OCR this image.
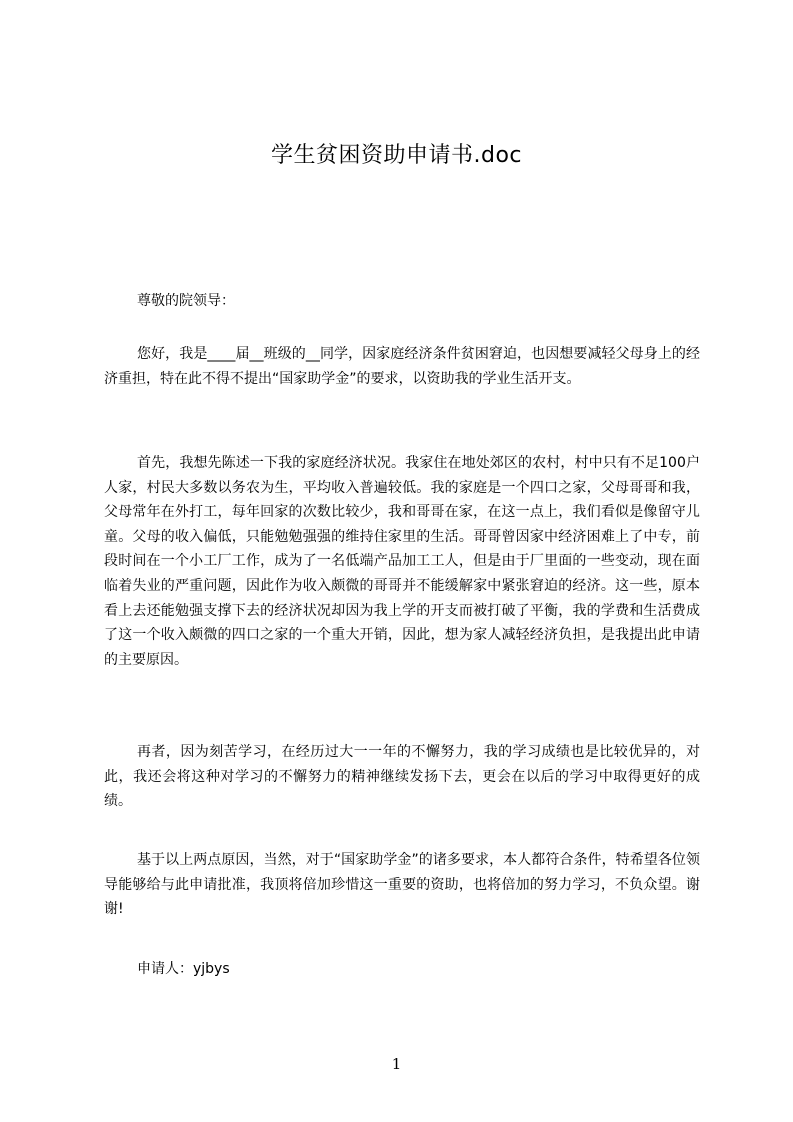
学生贫困资助申请书.doc

尊敬的院领导：

您好，我是____届__班级的__同学，因家庭经济条件贫困窘迫，也因想要减轻父母身上的经济重担，特在此不得不提出“国家助学金”的要求，以资助我的学业生活开支。

首先，我想先陈述一下我的家庭经济状况。我家住在地处郊区的农村，村中只有不足100户人家，村民大多数以务农为生，平均收入普遍较低。我的家庭是一个四口之家，父母哥哥和我，父母常年在外打工，每年回家的次数比较少，我和哥哥在家，在这一点上，我们看似是像留守儿童。父母的收入偏低，只能勉勉强强的维持住家里的生活。哥哥曾因家中经济困难上了中专，前段时间在一个小工厂工作，成为了一名低端产品加工工人，但是由于厂里面的一些变动，现在面临着失业的严重问题，因此作为收入颇微的哥哥并不能缓解家中紧张窘迫的经济。这一些，原本看上去还能勉强支撑下去的经济状况却因为我上学的开支而被打破了平衡，我的学费和生活费成了这一个收入颇微的四口之家的一个重大开销，因此，想为家人减轻经济负担，是我提出此申请的主要原因。

再者，因为刻苦学习，在经历过大一一年的不懈努力，我的学习成绩也是比较优异的，对此，我还会将这种对学习的不懈努力的精神继续发扬下去，更会在以后的学习中取得更好的成绩。

基于以上两点原因，当然，对于“国家助学金”的诸多要求，本人都符合条件，特希望各位领导能够给与此申请批准，我顶将倍加珍惜这一重要的资助，也将倍加的努力学习，不负众望。谢谢!

申请人：yjbys

1
